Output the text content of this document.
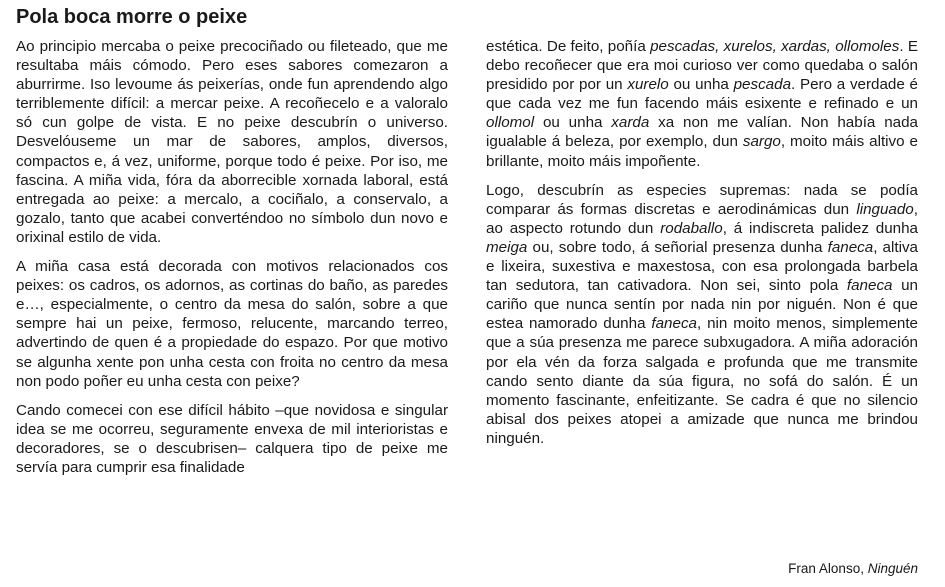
Pola boca morre o peixe

Ao principio mercaba o peixe precociñado ou fileteado, que me resultaba máis cómodo. Pero eses sabores comezaron a aburrirme. Iso levoume ás peixerías, onde fun aprendendo algo terriblemente difícil: a mercar peixe. A recoñecelo e a valoralo só cun golpe de vista. E no peixe descubrín o universo. Desvelóuseme un mar de sabores, amplos, diversos, compactos e, á vez, uniforme, porque todo é peixe. Por iso, me fascina. A miña vida, fóra da aborrecible xornada laboral, está entregada ao peixe: a mercalo, a cociñalo, a conservalo, a gozalo, tanto que acabei converténdoo no símbolo dun novo e orixinal estilo de vida.

A miña casa está decorada con motivos relacionados cos peixes: os cadros, os adornos, as cortinas do baño, as paredes e…, especialmente, o centro da mesa do salón, sobre a que sempre hai un peixe, fermoso, relucente, marcando terreo, advertindo de quen é a propiedade do espazo. Por que motivo se algunha xente pon unha cesta con froita no centro da mesa non podo poñer eu unha cesta con peixe?

Cando comecei con ese difícil hábito –que novidosa e singular idea se me ocorreu, seguramente envexa de mil interioristas e decoradores, se o descubrisen– calquera tipo de peixe me servía para cumprir esa finalidade

estética. De feito, poñía pescadas, xurelos, xardas, ollomoles. E debo recoñecer que era moi curioso ver como quedaba o salón presidido por por un xurelo ou unha pescada. Pero a verdade é que cada vez me fun facendo máis esixente e refinado e un ollomol ou unha xarda xa non me valían. Non había nada igualable á beleza, por exemplo, dun sargo, moito máis altivo e brillante, moito máis impoñente.

Logo, descubrín as especies supremas: nada se podía comparar ás formas discretas e aerodinámicas dun linguado, ao aspecto rotundo dun rodaballo, á indiscreta palidez dunha meiga ou, sobre todo, á señorial presenza dunha faneca, altiva e lixeira, suxestiva e maxestosa, con esa prolongada barbela tan sedutora, tan cativadora. Non sei, sinto pola faneca un cariño que nunca sentín por nada nin por niguén. Non é que estea namorado dunha faneca, nin moito menos, simplemente que a súa presenza me parece subxugadora. A miña adoración por ela vén da forza salgada e profunda que me transmite cando sento diante da súa figura, no sofá do salón. É un momento fascinante, enfeitizante. Se cadra é que no silencio abisal dos peixes atopei a amizade que nunca me brindou ninguén.

Fran Alonso, Ninguén
